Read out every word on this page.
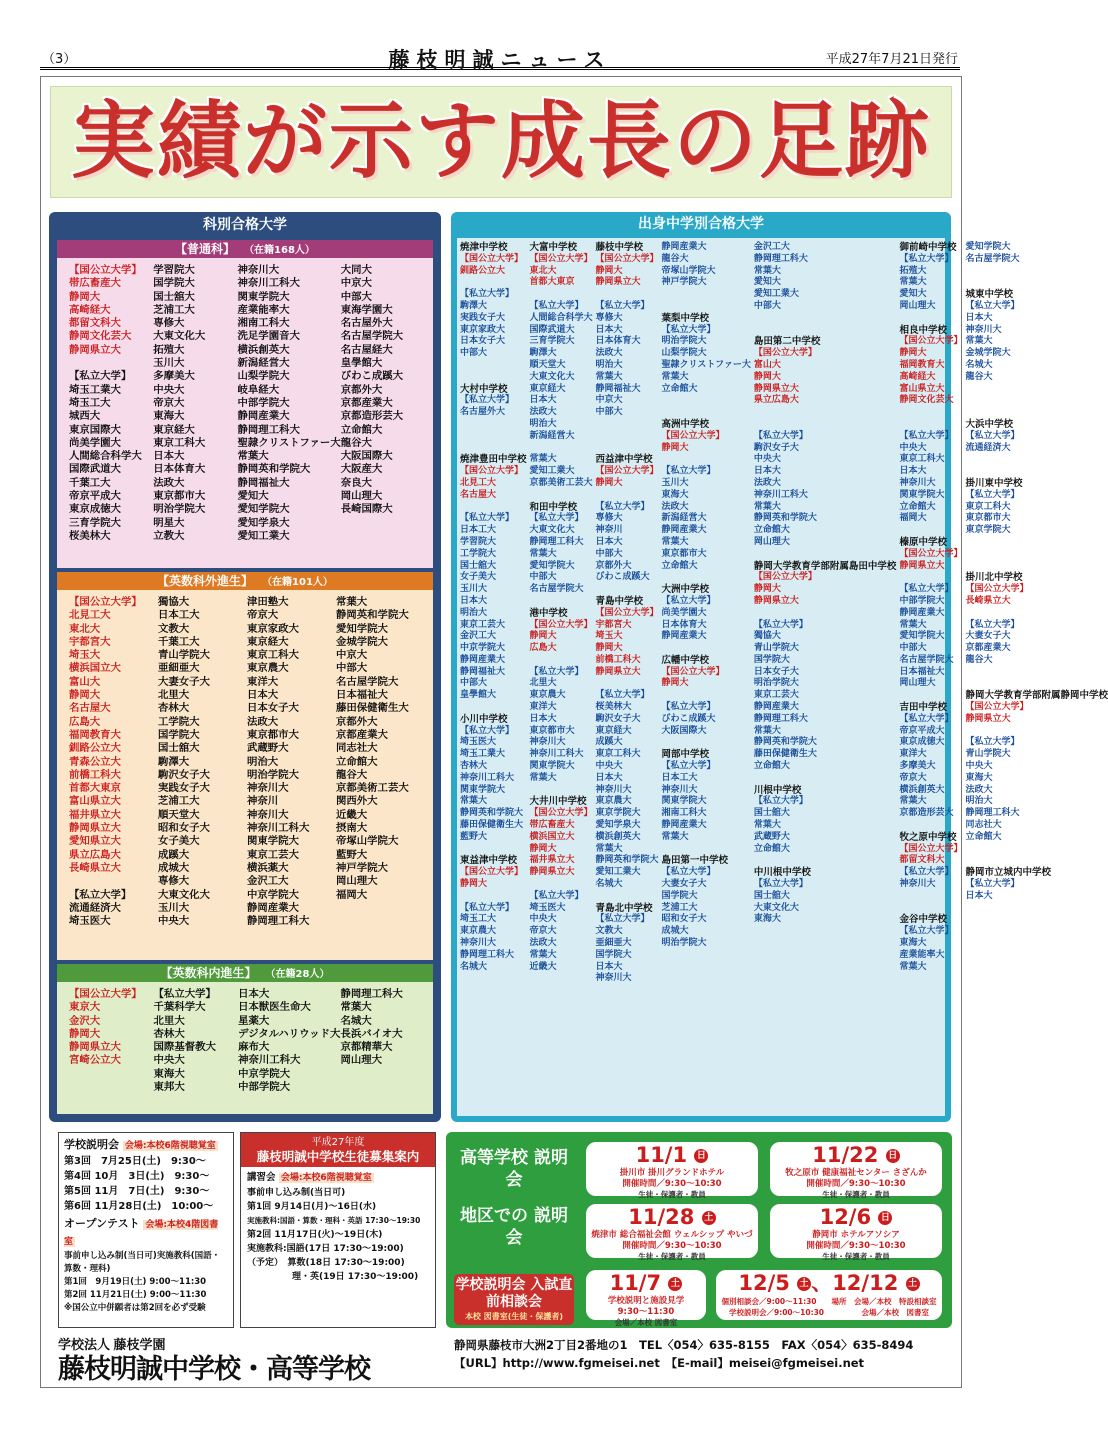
（3）	藤枝明誠ニュース	平成27年7月21日発行
実績が示す成長の足跡
科別合格大学
【普通科】 （在籍168人）
【国公立大学】
帯広畜産大
静岡大
高崎経大
都留文科大
静岡文化芸大
静岡県立大
【私立大学】
埼玉工業大
埼玉工大
城西大
東京国際大
尚美学園大
人間総合科学大
国際武道大
千葉工大
帝京平成大
東京成徳大
三育学院大
桜美林大
学習院大
国学院大
国士舘大
芝浦工大
専修大
大東文化大
拓殖大
玉川大
多摩美大
中央大
帝京大
東海大
東京経大
東京工科大
日本大
日本体育大
法政大
東京都市大
明治学院大
明星大
立教大
神奈川大
神奈川工科大
関東学院大
産業能率大
湘南工科大
洗足学園音大
横浜創英大
新潟経営大
山梨学院大
岐阜経大
中部学院大
静岡産業大
静岡理工科大
聖隷クリストファー大
常葉大
静岡英和学院大
静岡福祉大
愛知大
愛知学院大
愛知学泉大
愛知工業大
大同大
中京大
中部大
東海学園大
名古屋外大
名古屋学院大
名古屋経大
皇學館大
びわこ成蹊大
京都外大
京都産業大
京都造形芸大
立命館大
龍谷大
大阪国際大
大阪産大
奈良大
岡山理大
長崎国際大
【英数科外進生】 （在籍101人）
【国公立大学】
北見工大
東北大
宇都宮大
埼玉大
横浜国立大
富山大
静岡大
名古屋大
広島大
福岡教育大
釧路公立大
青森公立大
前橋工科大
首都大東京
富山県立大
福井県立大
静岡県立大
愛知県立大
県立広島大
長崎県立大
【私立大学】
流通経済大
埼玉医大
獨協大
日本工大
文教大
千葉工大
青山学院大
亜細亜大
大妻女子大
北里大
杏林大
工学院大
国学院大
国士舘大
駒澤大
駒沢女子大
実践女子大
芝浦工大
順天堂大
昭和女子大
女子美大
成蹊大
成城大
専修大
大東文化大
玉川大
中央大
津田塾大
帝京大
東京家政大
東京経大
東京工科大
東京農大
東洋大
日本大
日本女子大
法政大
東京都市大
武蔵野大
明治大
明治学院大
神奈川大
神奈川
神奈川大
神奈川工科大
関東学院大
東京工芸大
横浜薬大
金沢工大
中京学院大
静岡産業大
静岡理工科大
常葉大
静岡英和学院大
愛知学院大
金城学院大
中京大
中部大
名古屋学院大
日本福祉大
藤田保健衛生大
京都外大
京都産業大
同志社大
立命館大
龍谷大
京都美術工芸大
関西外大
近畿大
摂南大
帝塚山学院大
藍野大
神戸学院大
岡山理大
福岡大
【英数科内進生】 （在籍28人）
【国公立大学】
東京大
金沢大
静岡大
静岡県立大
宮崎公立大
【私立大学】
千葉科学大
北里大
杏林大
国際基督教大
中央大
東海大
東邦大
日本大
日本獣医生命大
星薬大
デジタルハリウッド大
麻布大
神奈川工科大
中京学院大
中部学院大
静岡理工科大
常葉大
名城大
長浜バイオ大
京都精華大
岡山理大
出身中学別合格大学
焼津中学校
【国公立大学】
釧路公立大
【私立大学】
駒澤大
実践女子大
東京家政大
日本女子大
中部大
大村中学校
【私立大学】
名古屋外大
焼津豊田中学校
【国公立大学】
北見工大
名古屋大
【私立大学】
日本工大
学習院大
工学院大
国士舘大
女子美大
玉川大
日本大
明治大
東京工芸大
金沢工大
中京学院大
静岡産業大
静岡福祉大
中部大
皇學館大
小川中学校
【私立大学】
埼玉医大
埼玉工業大
杏林大
神奈川工科大
関東学院大
常葉大
静岡英和学院大
藤田保健衛生大
藍野大
東益津中学校
【国公立大学】
静岡大
【私立大学】
埼玉工大
東京農大
神奈川大
静岡理工科大
名城大
大富中学校
【国公立大学】
東北大
首都大東京
【私立大学】
人間総合科学大
国際武道大
三育学院大
駒澤大
順天堂大
大東文化大
東京経大
日本大
法政大
明治大
新潟経営大
常葉大
愛知工業大
京都美術工芸大
和田中学校
【私立大学】
大東文化大
静岡理工科大
常葉大
愛知学院大
中部大
名古屋学院大
港中学校
【国公立大学】
静岡大
広島大
【私立大学】
北里大
東京農大
東洋大
日本大
東京都市大
神奈川大
神奈川工科大
関東学院大
常葉大
大井川中学校
【国公立大学】
帯広畜産大
横浜国立大
静岡大
福井県立大
静岡県立大
【私立大学】
埼玉医大
中央大
帝京大
法政大
常葉大
近畿大
藤枝中学校
【国公立大学】
静岡大
静岡県立大
【私立大学】
専修大
日本大
日本体育大
法政大
明治大
常葉大
静岡福祉大
中京大
中部大
西益津中学校
【国公立大学】
静岡大
【私立大学】
専修大
神奈川
日本大
中部大
京都外大
びわこ成蹊大
青島中学校
【国公立大学】
宇都宮大
埼玉大
静岡大
前橋工科大
静岡県立大
【私立大学】
桜美林大
駒沢女子大
東京経大
成蹊大
東京工科大
中央大
日本大
神奈川大
東京農大
東京学院大
愛知学泉大
横浜創英大
常葉大
静岡英和学院大
愛知工業大
名城大
青島北中学校
【私立大学】
文教大
亜細亜大
国学院大
日本大
神奈川大
静岡産業大
龍谷大
帝塚山学院大
神戸学院大
葉梨中学校
【私立大学】
明治学院大
山梨学院大
聖隷クリストファー大
常葉大
立命館大
高洲中学校
【国公立大学】
静岡大
【私立大学】
玉川大
東海大
法政大
新潟経営大
静岡産業大
常葉大
東京都市大
立命館大
大洲中学校
【私立大学】
尚美学園大
日本体育大
静岡産業大
広幡中学校
【国公立大学】
静岡大
【私立大学】
びわこ成蹊大
大阪国際大
岡部中学校
【私立大学】
日本工大
神奈川大
関東学院大
湘南工科大
静岡産業大
常葉大
島田第一中学校
【私立大学】
大妻女子大
国学院大
芝浦工大
昭和女子大
成城大
明治学院大
金沢工大
静岡理工科大
常葉大
愛知大
愛知工業大
中部大
島田第二中学校
【国公立大学】
富山大
静岡大
静岡県立大
県立広島大
【私立大学】
駒沢女子大
中央大
日本大
法政大
神奈川工科大
常葉大
静岡英和学院大
立命館大
岡山理大
静岡大学教育学部附属島田中学校
【国公立大学】
静岡大
静岡県立大
【私立大学】
獨協大
青山学院大
国学院大
日本女子大
明治学院大
東京工芸大
静岡産業大
静岡理工科大
常葉大
静岡英和学院大
藤田保健衛生大
立命館大
川根中学校
【私立大学】
国士舘大
常葉大
武蔵野大
立命館大
中川根中学校
【私立大学】
国士舘大
大東文化大
東海大
御前崎中学校
【私立大学】
拓殖大
常葉大
愛知大
岡山理大
相良中学校
【国公立大学】
静岡大
福岡教育大
高崎経大
富山県立大
静岡文化芸大
【私立大学】
中央大
東京工科大
日本大
神奈川大
関東学院大
立命館大
福岡大
榛原中学校
【国公立大学】
静岡県立大
【私立大学】
中部学院大
静岡産業大
常葉大
愛知学院大
中部大
名古屋学院大
日本福祉大
岡山理大
吉田中学校
【私立大学】
帝京平成大
東京成徳大
東洋大
多摩美大
帝京大
横浜創英大
常葉大
京都造形芸大
牧之原中学校
【国公立大学】
都留文科大
【私立大学】
神奈川大
金谷中学校
【私立大学】
東海大
産業能率大
常葉大
愛知学院大
名古屋学院大
城東中学校
【私立大学】
日本大
神奈川大
常葉大
金城学院大
名城大
龍谷大
大浜中学校
【私立大学】
流通経済大
掛川東中学校
【私立大学】
東京工科大
東京都市大
東京学院大
掛川北中学校
【国公立大学】
長崎県立大
【私立大学】
大妻女子大
京都産業大
龍谷大
静岡大学教育学部附属静岡中学校
【国公立大学】
静岡県立大
【私立大学】
青山学院大
中央大
東海大
法政大
明治大
静岡理工科大
同志社大
立命館大
静岡市立城内中学校
【私立大学】
日本大
学校説明会 会場:本校6階視聴覚室
第3回　7月25日(土)　9:30〜
第4回 10月　3日(土)　9:30〜
第5回 11月　7日(土)　9:30〜
第6回 11月28日(土)　10:00〜
オープンテスト 会場:本校4階図書室
事前申し込み制(当日可)実施教科(国語・算数・理科)
第1回　9月19日(土) 9:00〜11:30
第2回 11月21日(土) 9:00〜11:30
※国公立中併願者は第2回を必ず受験
平成27年度
藤枝明誠中学校生徒募集案内
講習会 会場:本校6階視聴覚室
事前申し込み制(当日可)
第1回 9月14日(月)〜16日(水)
実施教科:国語・算数・理科・英語 17:30〜19:30
第2回 11月17日(火)〜19日(木)
実施教科:国語(17日 17:30〜19:00)
（予定）　算数(18日 17:30〜19:00)
　　　　　理・英(19日 17:30〜19:00)
学校法人 藤枝学園
藤枝明誠中学校・高等学校
高等学校 説明会
地区での 説明会
学校説明会 入試直前相談会
本校 図書室(生徒・保護者)
11/1 日
掛川市 掛川グランドホテル
開催時間／9:30〜10:30
生徒・保護者・教員
11/22 日
牧之原市 健康福祉センター さざんか
開催時間／9:30〜10:30
生徒・保護者・教員
11/28 土
焼津市 総合福祉会館 ウェルシップ やいづ
開催時間／9:30〜10:30
生徒・保護者・教員
12/6 日
静岡市 ホテルアソシア
開催時間／9:30〜10:30
生徒・保護者・教員
11/7 土
学校説明と施設見学
9:30〜11:30
会場／本校 図書室
12/5 土 、12/12 土
個別相談会／9:00〜11:30　　場所　会場／本校　特設相談室
学校説明会／9:00〜10:30　　　　　会場／本校　図書室
静岡県藤枝市大洲2丁目2番地の1　TEL〈054〉635-8155　FAX〈054〉635-8494
【URL】http://www.fgmeisei.net　【E-mail】meisei@fgmeisei.net
